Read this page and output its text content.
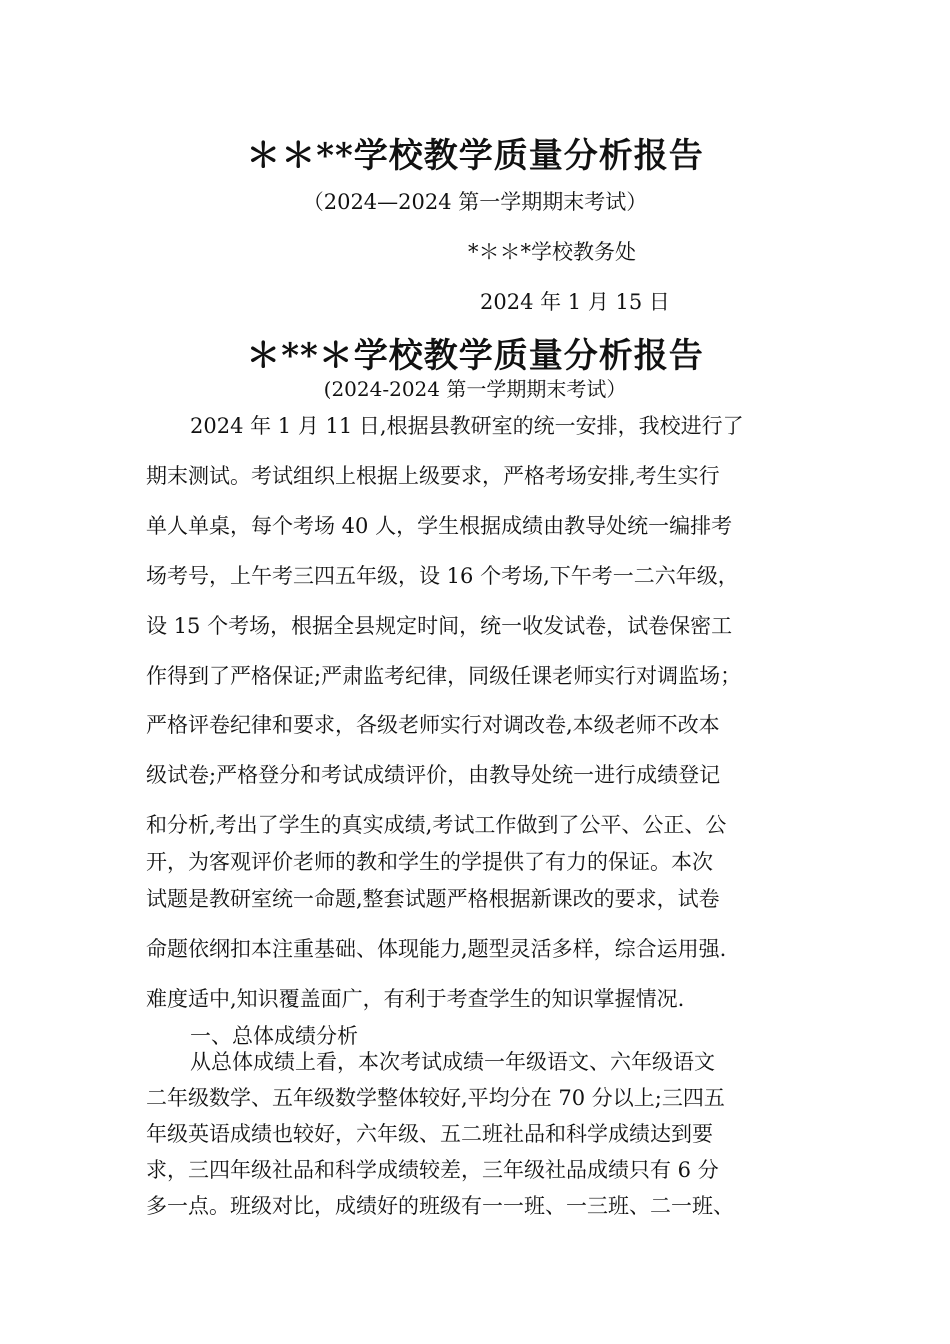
＊＊**学校教学质量分析报告
（2024—2024 第一学期期末考试）
*＊＊*学校教务处
2024 年 1 月 15 日
＊**＊学校教学质量分析报告
(2024-2024 第一学期期末考试）
2024 年 1 月 11 日,根据县教研室的统一安排，我校进行了
期末测试。考试组织上根据上级要求，严格考场安排,考生实行
单人单桌，每个考场 40 人，学生根据成绩由教导处统一编排考
场考号，上午考三四五年级，设 16 个考场,下午考一二六年级，
设 15 个考场，根据全县规定时间，统一收发试卷，试卷保密工
作得到了严格保证;严肃监考纪律，同级任课老师实行对调监场；
严格评卷纪律和要求，各级老师实行对调改卷,本级老师不改本
级试卷;严格登分和考试成绩评价，由教导处统一进行成绩登记
和分析,考出了学生的真实成绩,考试工作做到了公平、公正、公
开，为客观评价老师的教和学生的学提供了有力的保证。本次
试题是教研室统一命题,整套试题严格根据新课改的要求，试卷
命题依纲扣本注重基础、体现能力,题型灵活多样，综合运用强.
难度适中,知识覆盖面广，有利于考查学生的知识掌握情况.
一、总体成绩分析
从总体成绩上看，本次考试成绩一年级语文、六年级语文
二年级数学、五年级数学整体较好,平均分在 70 分以上;三四五
年级英语成绩也较好，六年级、五二班社品和科学成绩达到要
求，三四年级社品和科学成绩较差，三年级社品成绩只有 6 分
多一点。班级对比，成绩好的班级有一一班、一三班、二一班、
